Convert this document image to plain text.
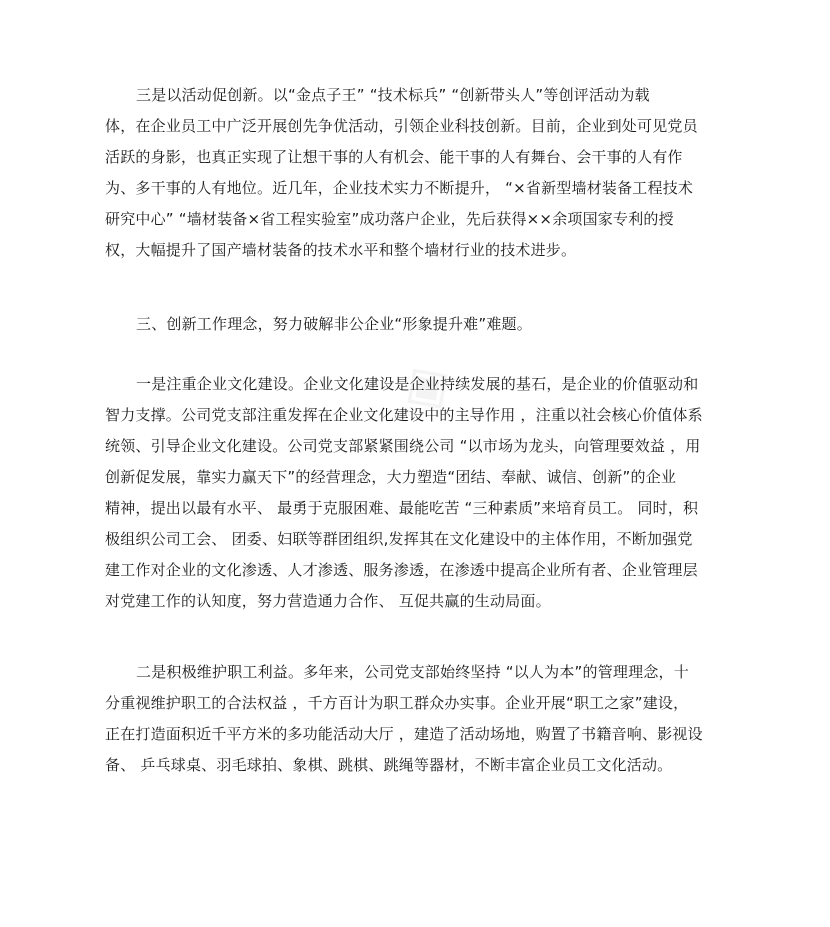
◈

三是以活动促创新。以“金点子王” “技术标兵” “创新带头人”等创评活动为载
体，在企业员工中广泛开展创先争优活动，引领企业科技创新。目前，企业到处可见党员
活跃的身影，也真正实现了让想干事的人有机会、能干事的人有舞台、会干事的人有作
为、多干事的人有地位。近几年，企业技术实力不断提升， “×省新型墙材装备工程技术
研究中心” “墙材装备×省工程实验室”成功落户企业，先后获得××余项国家专利的授
权，大幅提升了国产墙材装备的技术水平和整个墙材行业的技术进步。

三、创新工作理念，努力破解非公企业“形象提升难”难题。

一是注重企业文化建设。企业文化建设是企业持续发展的基石，是企业的价值驱动和
智力支撑。公司党支部注重发挥在企业文化建设中的主导作用 ，注重以社会核心价值体系
统领、引导企业文化建设。公司党支部紧紧围绕公司 “以市场为龙头，向管理要效益 ，用
创新促发展，靠实力赢天下”的经营理念，大力塑造“团结、奉献、诚信、创新”的企业
精神，提出以最有水平、 最勇于克服困难、最能吃苦 “三种素质”来培育员工。 同时，积
极组织公司工会、 团委、妇联等群团组织,发挥其在文化建设中的主体作用，不断加强党
建工作对企业的文化渗透、人才渗透、服务渗透，在渗透中提高企业所有者、企业管理层
对党建工作的认知度，努力营造通力合作、 互促共赢的生动局面。

二是积极维护职工利益。多年来，公司党支部始终坚持 “以人为本”的管理理念，十
分重视维护职工的合法权益 ，千方百计为职工群众办实事。企业开展“职工之家”建设，
正在打造面积近千平方米的多功能活动大厅 ，建造了活动场地，购置了书籍音响、影视设
备、 乒乓球桌、羽毛球拍、象棋、跳棋、跳绳等器材，不断丰富企业员工文化活动。
